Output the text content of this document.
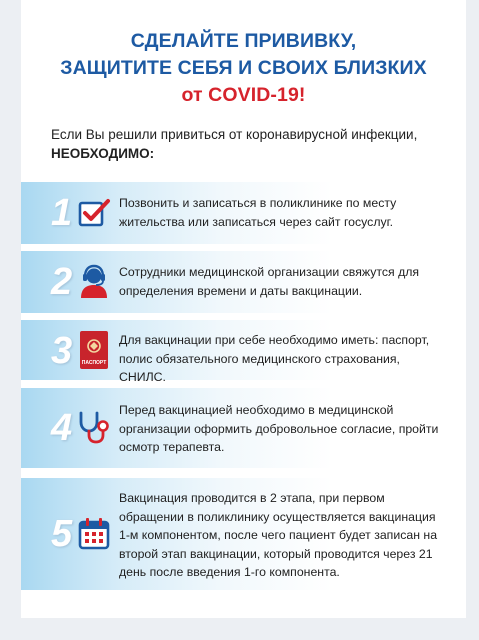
СДЕЛАЙТЕ ПРИВИВКУ,
ЗАЩИТИТЕ СЕБЯ И СВОИХ БЛИЗКИХ
от COVID-19!
Если Вы решили привиться от коронавирусной инфекции,
НЕОБХОДИМО:
1	Позвонить и записаться в поликлинике по месту жительства или записаться через сайт госуслуг.
2	Сотрудники медицинской организации свяжутся для определения времени и даты вакцинации.
3 ПАСПОРТ
Для вакцинации при себе необходимо иметь: паспорт, полис обязательного медицинского страхования, СНИЛС.
4	Перед вакцинацией необходимо в медицинской организации оформить добровольное согласие, пройти осмотр терапевта.
5
Вакцинация проводится в 2 этапа, при первом обращении в поликлинику осуществляется вакцинация 1-м компонентом, после чего пациент будет записан на второй этап вакцинации, который проводится через 21 день после введения 1-го компонента.
